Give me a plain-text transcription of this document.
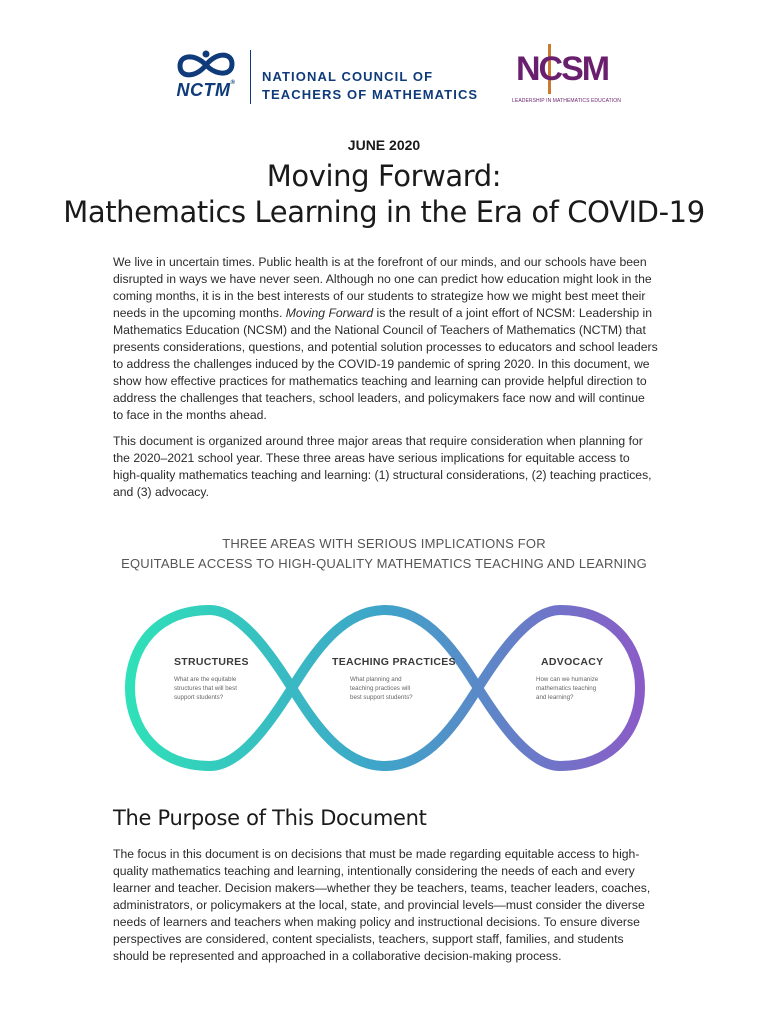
NCTM®	NATIONAL COUNCIL OF
TEACHERS OF MATHEMATICS
NCSM
LEADERSHIP IN MATHEMATICS EDUCATION
JUNE 2020
Moving Forward:
Mathematics Learning in the Era of COVID-19

We live in uncertain times. Public health is at the forefront of our minds, and our schools have been disrupted in ways we have never seen. Although no one can predict how education might look in the coming months, it is in the best interests of our students to strategize how we might best meet their needs in the upcoming months. Moving Forward is the result of a joint effort of NCSM: Leadership in Mathematics Education (NCSM) and the National Council of Teachers of Mathematics (NCTM) that presents considerations, questions, and potential solution processes to educators and school leaders to address the challenges induced by the COVID-19 pandemic of spring 2020. In this document, we show how effective practices for mathematics teaching and learning can provide helpful direction to address the challenges that teachers, school leaders, and policymakers face now and will continue to face in the months ahead.

This document is organized around three major areas that require consideration when planning for the 2020–2021 school year. These three areas have serious implications for equitable access to high-quality mathematics teaching and learning: (1) structural considerations, (2) teaching practices, and (3) advocacy.

THREE AREAS WITH SERIOUS IMPLICATIONS FOR
EQUITABLE ACCESS TO HIGH-QUALITY MATHEMATICS TEACHING AND LEARNING
STRUCTURES
What are the equitable structures that will best support students?
TEACHING PRACTICES
What planning and teaching practices will best support students?
ADVOCACY
How can we humanize mathematics teaching and learning?
The Purpose of This Document

The focus in this document is on decisions that must be made regarding equitable access to high-quality mathematics teaching and learning, intentionally considering the needs of each and every learner and teacher. Decision makers—whether they be teachers, teams, teacher leaders, coaches, administrators, or policymakers at the local, state, and provincial levels—must consider the diverse needs of learners and teachers when making policy and instructional decisions. To ensure diverse perspectives are considered, content specialists, teachers, support staff, families, and students should be represented and approached in a collaborative decision-making process.
